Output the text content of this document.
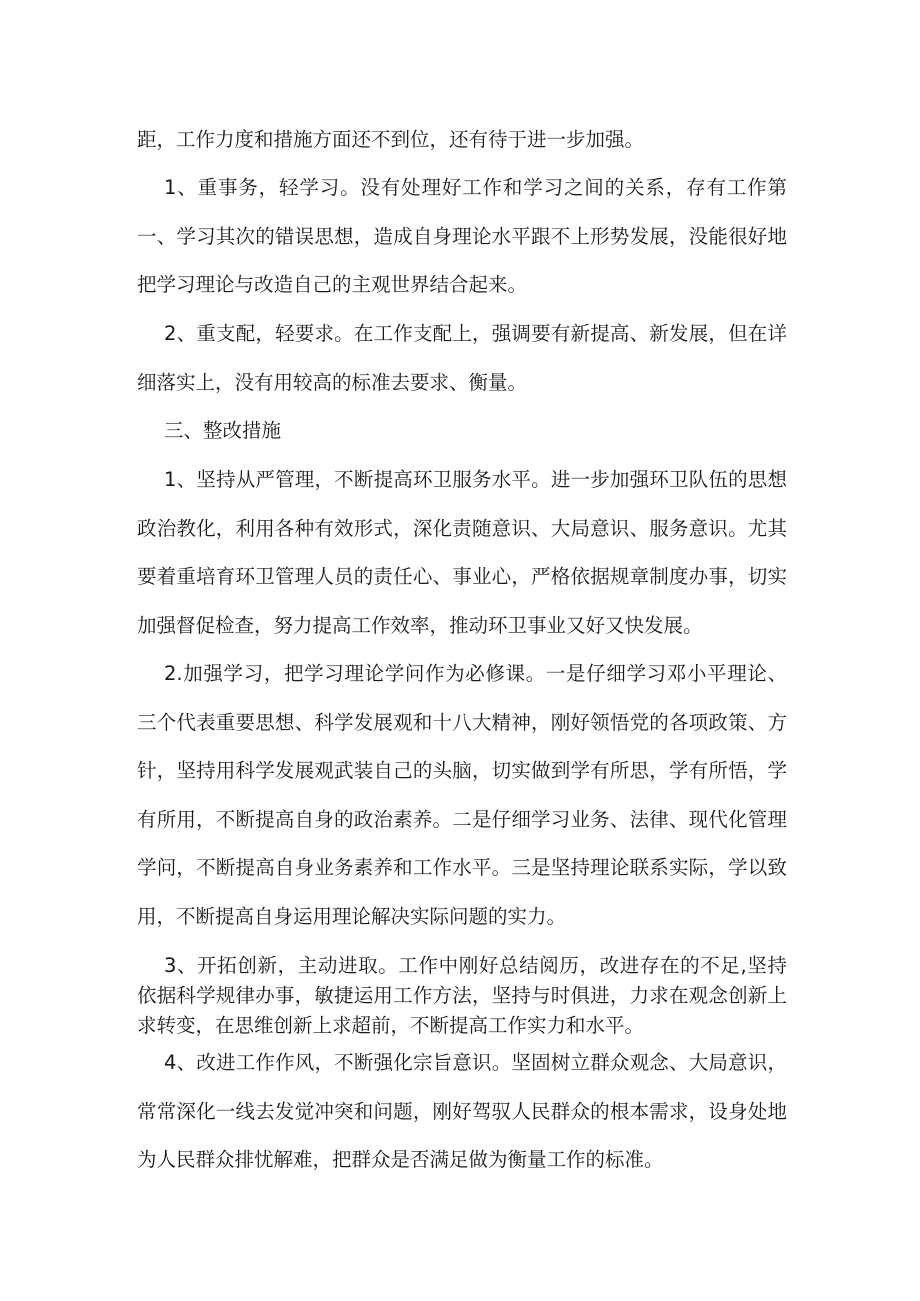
距，工作力度和措施方面还不到位，还有待于进一步加强。

1、重事务，轻学习。没有处理好工作和学习之间的关系，存有工作第一、学习其次的错误思想，造成自身理论水平跟不上形势发展，没能很好地把学习理论与改造自己的主观世界结合起来。

2、重支配，轻要求。在工作支配上，强调要有新提高、新发展，但在详细落实上，没有用较高的标准去要求、衡量。

三、整改措施

1、坚持从严管理，不断提高环卫服务水平。进一步加强环卫队伍的思想政治教化，利用各种有效形式，深化责随意识、大局意识、服务意识。尤其要着重培育环卫管理人员的责任心、事业心，严格依据规章制度办事，切实加强督促检查，努力提高工作效率，推动环卫事业又好又快发展。

2.加强学习，把学习理论学问作为必修课。一是仔细学习邓小平理论、三个代表重要思想、科学发展观和十八大精神，刚好领悟党的各项政策、方针，坚持用科学发展观武装自己的头脑，切实做到学有所思，学有所悟，学有所用，不断提高自身的政治素养。二是仔细学习业务、法律、现代化管理学问，不断提高自身业务素养和工作水平。三是坚持理论联系实际，学以致用，不断提高自身运用理论解决实际问题的实力。

3、开拓创新，主动进取。工作中刚好总结阅历，改进存在的不足,坚持依据科学规律办事，敏捷运用工作方法，坚持与时俱进，力求在观念创新上求转变，在思维创新上求超前，不断提高工作实力和水平。

4、改进工作作风，不断强化宗旨意识。坚固树立群众观念、大局意识，常常深化一线去发觉冲突和问题，刚好驾驭人民群众的根本需求，设身处地为人民群众排忧解难，把群众是否满足做为衡量工作的标准。
